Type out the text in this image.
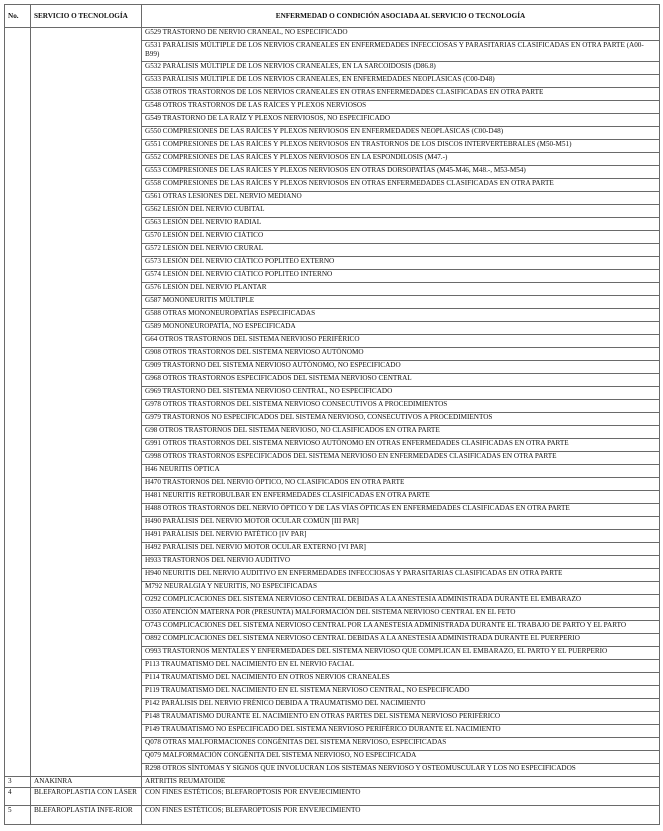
No.	SERVICIO O TECNOLOGÍA	ENFERMEDAD O CONDICIÓN ASOCIADA AL SERVICIO O TECNOLOGÍA
		G529 TRASTORNO DE NERVIO CRANEAL, NO ESPECIFICADO
		G531 PARÁLISIS MÚLTIPLE DE LOS NERVIOS CRANEALES EN ENFERMEDADES INFECCIOSAS Y PARASITARIAS CLASIFICADAS EN OTRA PARTE (A00-B99)
		G532 PARÁLISIS MÚLTIPLE DE LOS NERVIOS CRANEALES, EN LA SARCOIDOSIS (D86.8)
		G533 PARÁLISIS MÚLTIPLE DE LOS NERVIOS CRANEALES, EN ENFERMEDADES NEOPLÁSICAS (C00-D48)
		G538 OTROS TRASTORNOS DE LOS NERVIOS CRANEALES EN OTRAS ENFERMEDADES CLASIFICADAS EN OTRA PARTE
		G548 OTROS TRASTORNOS DE LAS RAÍCES Y PLEXOS NERVIOSOS
		G549 TRASTORNO DE LA RAÍZ Y PLEXOS NERVIOSOS, NO ESPECIFICADO
		G550 COMPRESIONES DE LAS RAÍCES Y PLEXOS NERVIOSOS EN ENFERMEDADES NEOPLÁSICAS (C00-D48)
		G551 COMPRESIONES DE LAS RAÍCES Y PLEXOS NERVIOSOS EN TRASTORNOS DE LOS DISCOS INTERVERTEBRALES (M50-M51)
		G552 COMPRESIONES DE LAS RAÍCES Y PLEXOS NERVIOSOS EN LA ESPONDILOSIS (M47.-)
		G553 COMPRESIONES DE LAS RAÍCES Y PLEXOS NERVIOSOS EN OTRAS DORSOPATÍAS (M45-M46, M48.-, M53-M54)
		G558 COMPRESIONES DE LAS RAÍCES Y PLEXOS NERVIOSOS EN OTRAS ENFERMEDADES CLASIFICADAS EN OTRA PARTE
		G561 OTRAS LESIONES DEL NERVIO MEDIANO
		G562 LESIÓN DEL NERVIO CUBITAL
		G563 LESIÓN DEL NERVIO RADIAL
		G570 LESIÓN DEL NERVIO CIÁTICO
		G572 LESIÓN DEL NERVIO CRURAL
		G573 LESIÓN DEL NERVIO CIÁTICO POPLITEO EXTERNO
		G574 LESIÓN DEL NERVIO CIÁTICO POPLITEO INTERNO
		G576 LESIÓN DEL NERVIO PLANTAR
		G587 MONONEURITIS MÚLTIPLE
		G588 OTRAS MONONEUROPATÍAS ESPECIFICADAS
		G589 MONONEUROPATÍA, NO ESPECIFICADA
		G64 OTROS TRASTORNOS DEL SISTEMA NERVIOSO PERIFÉRICO
		G908 OTROS TRASTORNOS DEL SISTEMA NERVIOSO AUTÓNOMO
		G909 TRASTORNO DEL SISTEMA NERVIOSO AUTÓNOMO, NO ESPECIFICADO
		G968 OTROS TRASTORNOS ESPECIFICADOS DEL SISTEMA NERVIOSO CENTRAL
		G969 TRASTORNO DEL SISTEMA NERVIOSO CENTRAL, NO ESPECIFICADO
		G978 OTROS TRASTORNOS DEL SISTEMA NERVIOSO CONSECUTIVOS A PROCEDIMIENTOS
		G979 TRASTORNOS NO ESPECIFICADOS DEL SISTEMA NERVIOSO, CONSECUTIVOS A PROCEDIMIENTOS
		G98 OTROS TRASTORNOS DEL SISTEMA NERVIOSO, NO CLASIFICADOS EN OTRA PARTE
		G991 OTROS TRASTORNOS DEL SISTEMA NERVIOSO AUTÓNOMO EN OTRAS ENFERMEDADES CLASIFICADAS EN OTRA PARTE
		G998 OTROS TRASTORNOS ESPECIFICADOS DEL SISTEMA NERVIOSO EN ENFERMEDADES CLASIFICADAS EN OTRA PARTE
		H46 NEURITIS ÓPTICA
		H470 TRASTORNOS DEL NERVIO ÓPTICO, NO CLASIFICADOS EN OTRA PARTE
		H481 NEURITIS RETROBULBAR EN ENFERMEDADES CLASIFICADAS EN OTRA PARTE
		H488 OTROS TRASTORNOS DEL NERVIO ÓPTICO Y DE LAS VÍAS ÓPTICAS EN ENFERMEDADES CLASIFICADAS EN OTRA PARTE
		H490 PARÁLISIS DEL NERVIO MOTOR OCULAR COMÚN [III PAR]
		H491 PARÁLISIS DEL NERVIO PATÉTICO [IV PAR]
		H492 PARÁLISIS DEL NERVIO MOTOR OCULAR EXTERNO [VI PAR]
		H933 TRASTORNOS DEL NERVIO AUDITIVO
		H940 NEURITIS DEL NERVIO AUDITIVO EN ENFERMEDADES INFECCIOSAS Y PARASITARIAS CLASIFICADAS EN OTRA PARTE
		M792 NEURALGIA Y NEURITIS, NO ESPECIFICADAS
		O292 COMPLICACIONES DEL SISTEMA NERVIOSO CENTRAL DEBIDAS A LA ANESTESIA ADMINISTRADA DURANTE EL EMBARAZO
		O350 ATENCIÓN MATERNA POR (PRESUNTA) MALFORMACIÓN DEL SISTEMA NERVIOSO CENTRAL EN EL FETO
		O743 COMPLICACIONES DEL SISTEMA NERVIOSO CENTRAL POR LA ANESTESIA ADMINISTRADA DURANTE EL TRABAJO DE PARTO Y EL PARTO
		O892 COMPLICACIONES DEL SISTEMA NERVIOSO CENTRAL DEBIDAS A LA ANESTESIA ADMINISTRADA DURANTE EL PUERPERIO
		O993 TRASTORNOS MENTALES Y ENFERMEDADES DEL SISTEMA NERVIOSO QUE COMPLICAN EL EMBARAZO, EL PARTO Y EL PUERPERIO
		P113 TRAUMATISMO DEL NACIMIENTO EN EL NERVIO FACIAL
		P114 TRAUMATISMO DEL NACIMIENTO EN OTROS NERVIOS CRANEALES
		P119 TRAUMATISMO DEL NACIMIENTO EN EL SISTEMA NERVIOSO CENTRAL, NO ESPECIFICADO
		P142 PARÁLISIS DEL NERVIO FRÉNICO DEBIDA A TRAUMATISMO DEL NACIMIENTO
		P148 TRAUMATISMO DURANTE EL NACIMIENTO EN OTRAS PARTES DEL SISTEMA NERVIOSO PERIFÉRICO
		P149 TRAUMATISMO NO ESPECIFICADO DEL SISTEMA NERVIOSO PERIFÉRICO DURANTE EL NACIMIENTO
		Q078 OTRAS MALFORMACIONES CONGÉNITAS DEL SISTEMA NERVIOSO, ESPECIFICADAS
		Q079 MALFORMACIÓN CONGÉNITA DEL SISTEMA NERVIOSO, NO ESPECIFICADA
		R298 OTROS SÍNTOMAS Y SIGNOS QUE INVOLUCRAN LOS SISTEMAS NERVIOSO Y OSTEOMUSCULAR Y LOS NO ESPECIFICADOS
3	ANAKINRA	ARTRITIS REUMATOIDE
4	BLEFAROPLASTIA CON LÁSER	CON FINES ESTÉTICOS; BLEFAROPTOSIS POR ENVEJECIMIENTO
5	BLEFAROPLASTIA INFE-RIOR	CON FINES ESTÉTICOS; BLEFAROPTOSIS POR ENVEJECIMIENTO
